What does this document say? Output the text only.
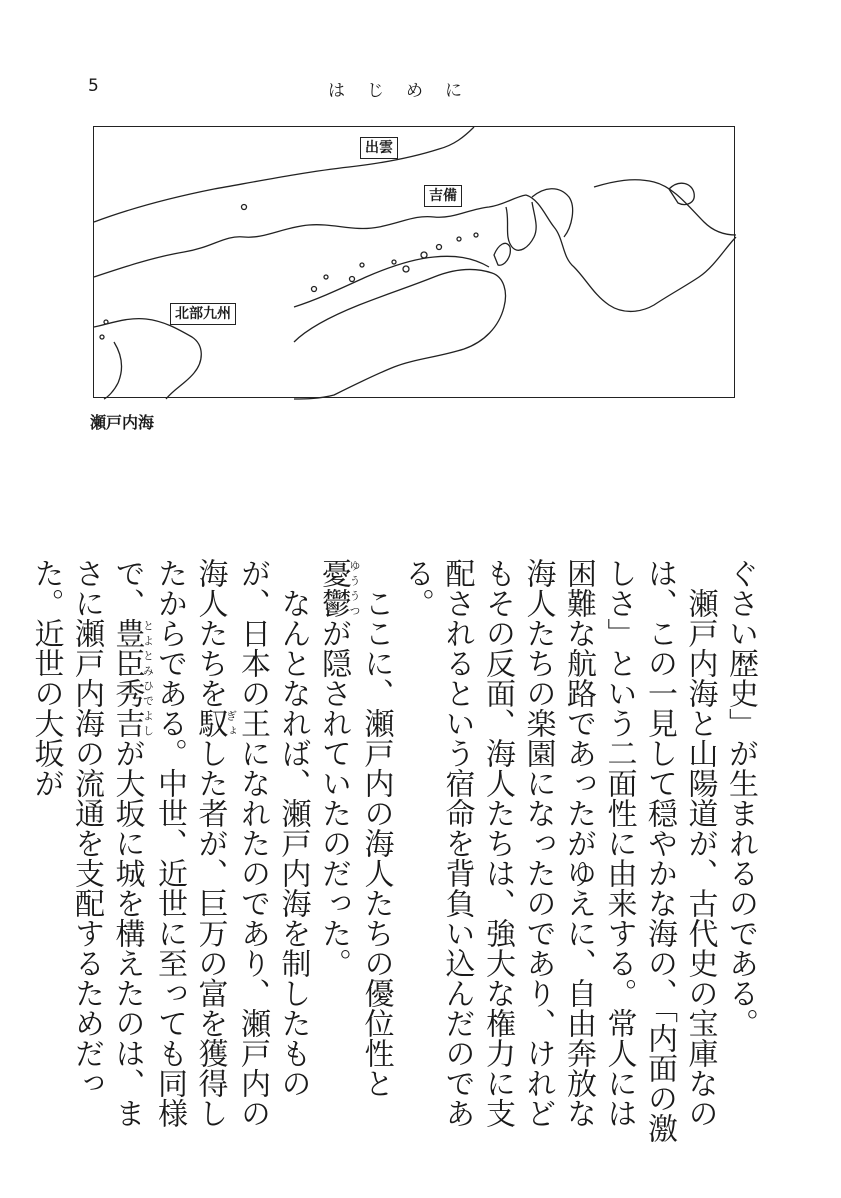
5	はじめに
出雲
吉備
北部九州
瀬戸内海

ぐさい歴史」が生まれるのである。

　瀬戸内海と山陽道が、古代史の宝庫なのは、この一見して穏やかな海の、「内面の激しさ」という二面性に由来する。常人には困難な航路であったがゆえに、自由奔放な海人たちの楽園になったのであり、けれどもその反面、海人たちは、強大な権力に支配されるという宿命を背負い込んだのである。

　ここに、瀬戸内の海人たちの優位性と憂鬱ゆううつが隠されていたのだった。

　なんとなれば、瀬戸内海を制したものが、日本の王になれたのであり、瀬戸内の海人たちを馭ぎょした者が、巨万の富を獲得したからである。中世、近世に至っても同様で、豊臣秀吉とよとみひでよしが大坂に城を構えたのは、まさに瀬戸内海の流通を支配するためだった。近世の大坂が
